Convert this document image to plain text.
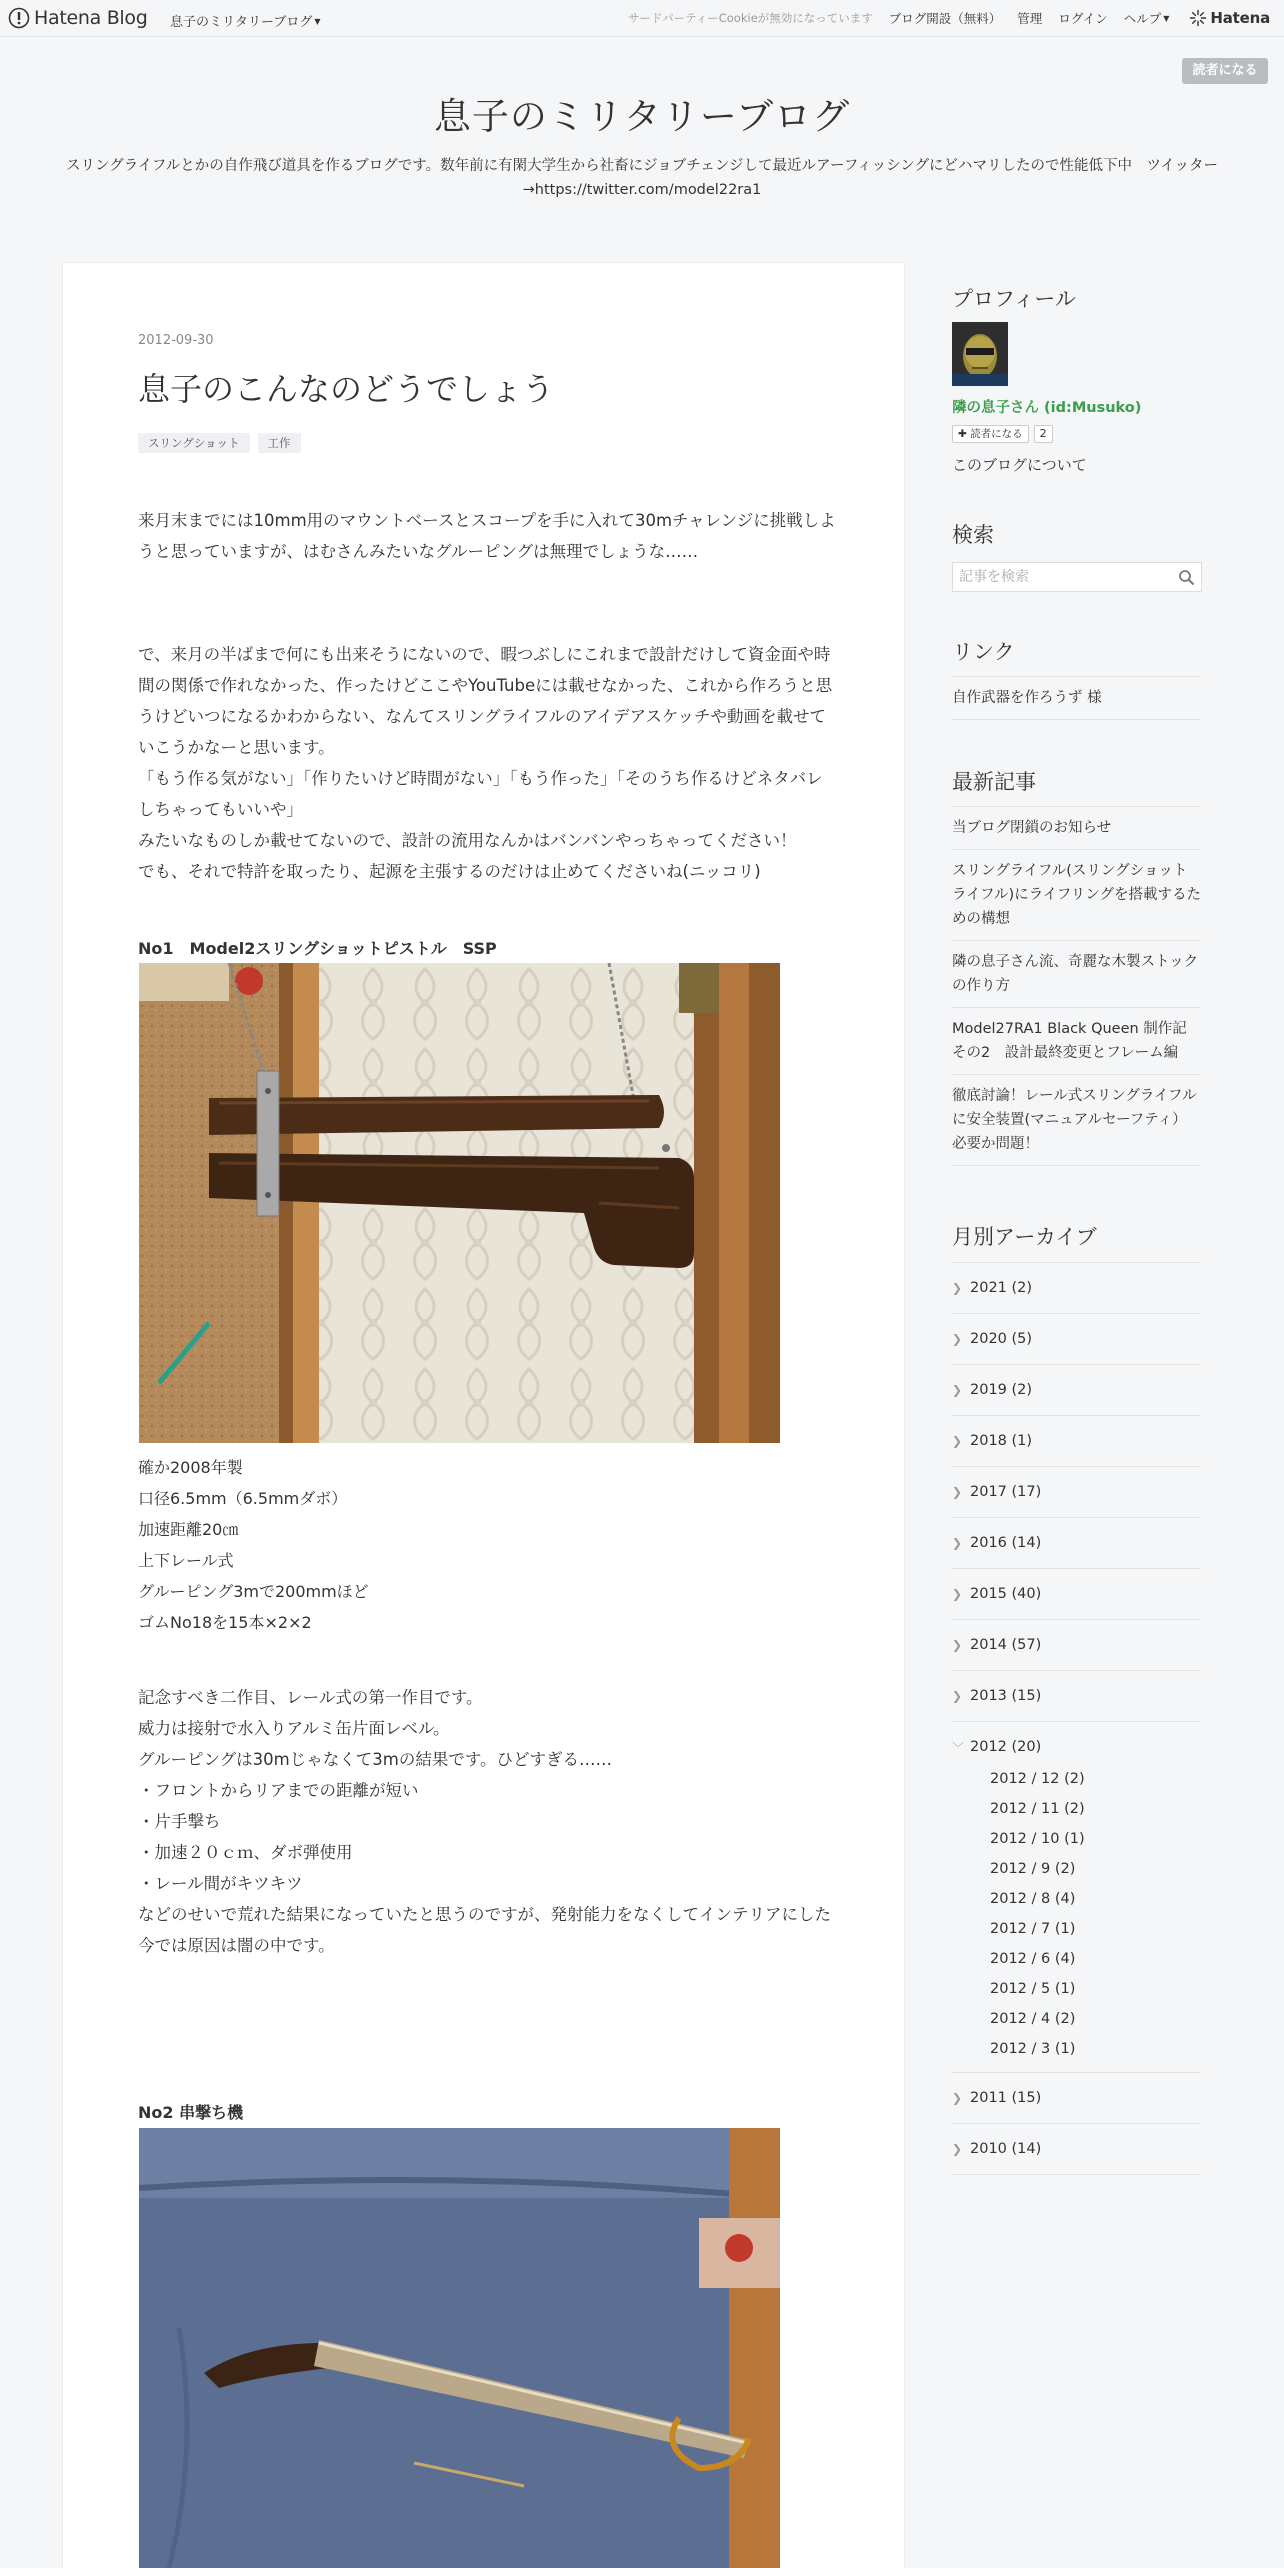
Hatena Blog 息子のミリタリーブログ ▼	サードパーティーCookieが無効になっています ブログ開設（無料） 管理 ログイン ヘルプ ▼	Hatena
読者になる
息子のミリタリーブログ
スリングライフルとかの自作飛び道具を作るブログです。数年前に有閑大学生から社畜にジョブチェンジして最近ルアーフィッシングにどハマリしたので性能低下中　ツイッター→https://twitter.com/model22ra1
2012-09-30
息子のこんなのどうでしょう
スリングショット	工作

来月末までには10mm用のマウントベースとスコープを手に入れて30mチャレンジに挑戦しようと思っていますが、はむさんみたいなグルーピングは無理でしょうな……

で、来月の半ばまで何にも出来そうにないので、暇つぶしにこれまで設計だけして資金面や時間の関係で作れなかった、作ったけどここやYouTubeには載せなかった、これから作ろうと思うけどいつになるかわからない、なんてスリングライフルのアイデアスケッチや動画を載せていこうかなーと思います。
「もう作る気がない」「作りたいけど時間がない」「もう作った」「そのうち作るけどネタバレしちゃってもいいや」
みたいなものしか載せてないので、設計の流用なんかはバンバンやっちゃってください！
でも、それで特許を取ったり、起源を主張するのだけは止めてくださいね(ニッコリ)
No1　Model2スリングショットピストル　SSP
確か2008年製
口径6.5mm（6.5mmダボ）
加速距離20㎝
上下レール式
グルーピング3mで200mmほど
ゴムNo18を15本×2×2
記念すべき二作目、レール式の第一作目です。
威力は接射で水入りアルミ缶片面レベル。
グルーピングは30mじゃなくて3mの結果です。ひどすぎる……
・フロントからリアまでの距離が短い
・片手撃ち
・加速２０ｃｍ、ダボ弾使用
・レール間がキツキツ
などのせいで荒れた結果になっていたと思うのですが、発射能力をなくしてインテリアにした今では原因は闇の中です。
No2 串撃ち機
プロフィール
隣の息子さん (id:Musuko)
✚ 読者になる	2
このブログについて
検索
記事を検索
リンク
自作武器を作ろうず 様
最新記事
当ブログ閉鎖のお知らせ
スリングライフル(スリングショットライフル)にライフリングを搭載するための構想
隣の息子さん流、奇麗な木製ストックの作り方
Model27RA1 Black Queen 制作記 その2　設計最終変更とフレーム編
徹底討論！レール式スリングライフルに安全装置(マニュアルセーフティ）必要か問題！
月別アーカイブ
❯ 2021 (2)
❯ 2020 (5)
❯ 2019 (2)
❯ 2018 (1)
❯ 2017 (17)
❯ 2016 (14)
❯ 2015 (40)
❯ 2014 (57)
❯ 2013 (15)
﹀ 2012 (20)
2012 / 12 (2)
2012 / 11 (2)
2012 / 10 (1)
2012 / 9 (2)
2012 / 8 (4)
2012 / 7 (1)
2012 / 6 (4)
2012 / 5 (1)
2012 / 4 (2)
2012 / 3 (1)
❯ 2011 (15)
❯ 2010 (14)
